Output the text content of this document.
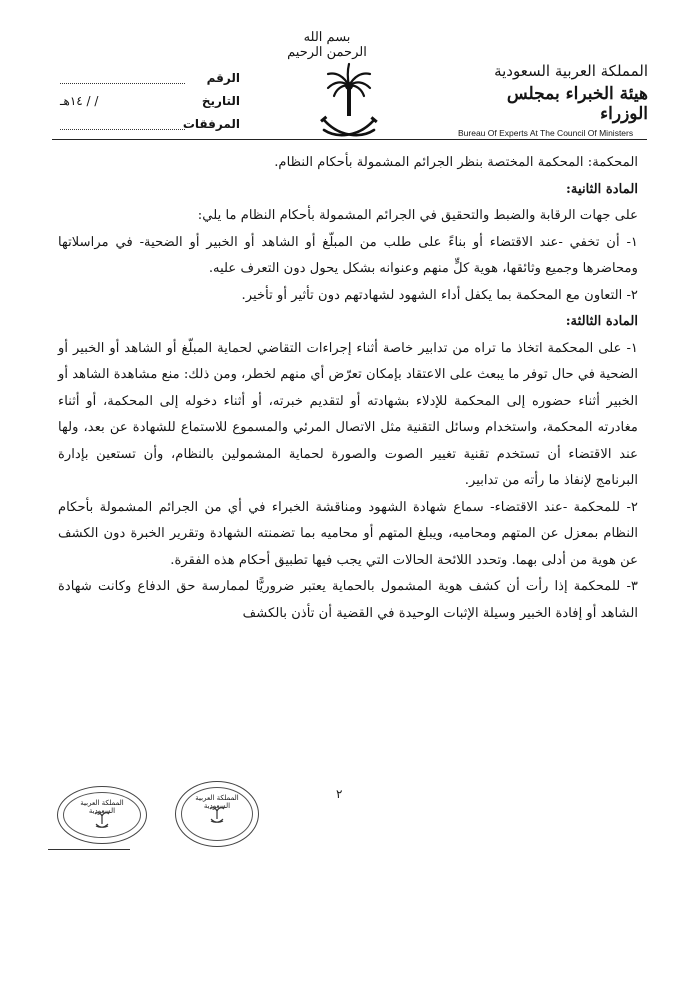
بسم الله الرحمن الرحيم
الرقم
التاريخ
/ / ١٤هـ
المرفقات
المملكة العربية السعودية
هيئة الخبراء بمجلس الوزراء
Bureau Of Experts At The Council Of Ministers

المحكمة: المحكمة المختصة بنظر الجرائم المشمولة بأحكام النظام.

المادة الثانية:

على جهات الرقابة والضبط والتحقيق في الجرائم المشمولة بأحكام النظام ما يلي:

١- أن تخفي -عند الاقتضاء أو بناءً على طلب من المبلّغ أو الشاهد أو الخبير أو الضحية- في مراسلاتها ومحاضرها وجميع وثائقها، هوية كلٍّ منهم وعنوانه بشكل يحول دون التعرف عليه.

٢- التعاون مع المحكمة بما يكفل أداء الشهود لشهادتهم دون تأثير أو تأخير.

المادة الثالثة:

١- على المحكمة اتخاذ ما تراه من تدابير خاصة أثناء إجراءات التقاضي لحماية المبلّغ أو الشاهد أو الخبير أو الضحية في حال توفر ما يبعث على الاعتقاد بإمكان تعرّض أي منهم لخطر، ومن ذلك: منع مشاهدة الشاهد أو الخبير أثناء حضوره إلى المحكمة للإدلاء بشهادته أو لتقديم خبرته، أو أثناء دخوله إلى المحكمة، أو أثناء مغادرته المحكمة، واستخدام وسائل التقنية مثل الاتصال المرئي والمسموع للاستماع للشهادة عن بعد، ولها عند الاقتضاء أن تستخدم تقنية تغيير الصوت والصورة لحماية المشمولين بالنظام، وأن تستعين بإدارة البرنامج لإنفاذ ما رأته من تدابير.

٢- للمحكمة -عند الاقتضاء- سماع شهادة الشهود ومناقشة الخبراء في أي من الجرائم المشمولة بأحكام النظام بمعزل عن المتهم ومحاميه، ويبلغ المتهم أو محاميه بما تضمنته الشهادة وتقرير الخبرة دون الكشف عن هوية من أدلى بهما. وتحدد اللائحة الحالات التي يجب فيها تطبيق أحكام هذه الفقرة.

٣- للمحكمة إذا رأت أن كشف هوية المشمول بالحماية يعتبر ضروريًّا لممارسة حق الدفاع وكانت شهادة الشاهد أو إفادة الخبير وسيلة الإثبات الوحيدة في القضية أن تأذن بالكشف

المملكة العربية السعودية
المملكة العربية السعودية
٢
